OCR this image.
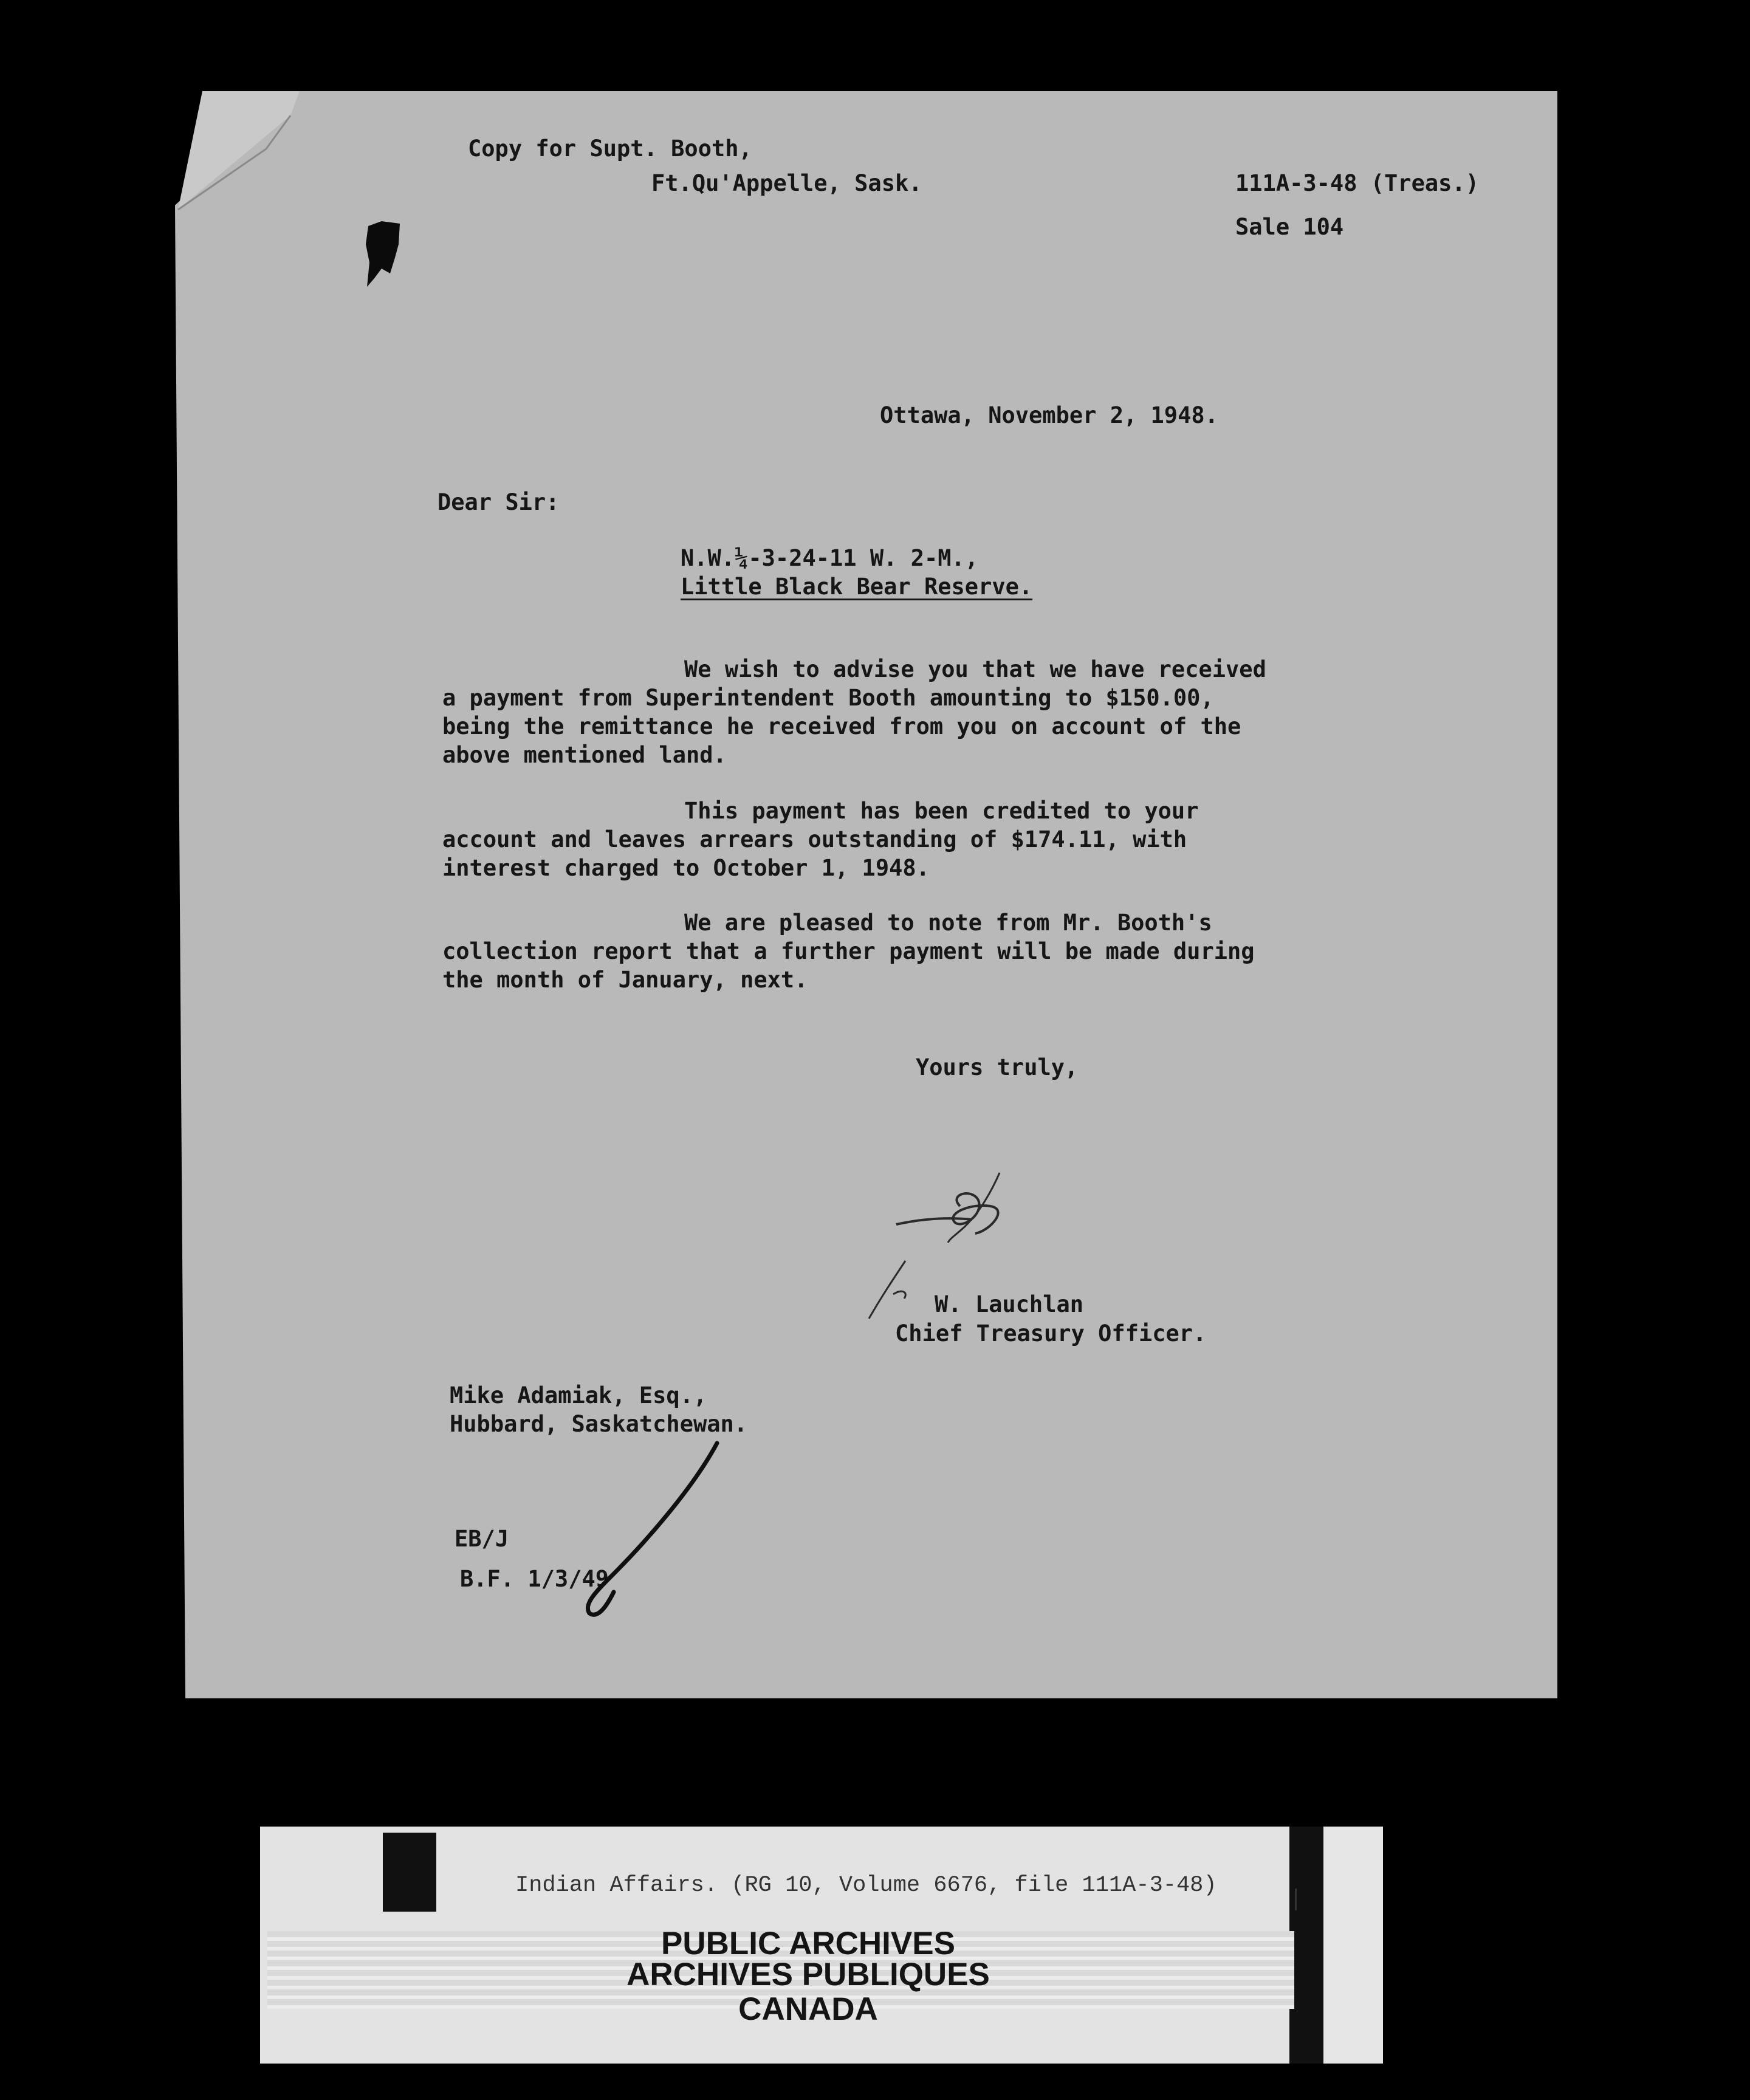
Copy for Supt. Booth,
Ft.Qu'Appelle, Sask.	111A-3-48 (Treas.)
Sale 104
Ottawa, November 2, 1948.
Dear Sir:
N.W.¼-3-24-11 W. 2-M.,
Little Black Bear Reserve.
We wish to advise you that we have received
a payment from Superintendent Booth amounting to $150.00,
being the remittance he received from you on account of the
above mentioned land.
This payment has been credited to your
account and leaves arrears outstanding of $174.11, with
interest charged to October 1, 1948.
We are pleased to note from Mr. Booth's
collection report that a further payment will be made during
the month of January, next.
Yours truly,
W. Lauchlan
Chief Treasury Officer.
Mike Adamiak, Esq.,
Hubbard, Saskatchewan.
EB/J
B.F. 1/3/49
Indian Affairs. (RG 10, Volume 6676, file 111A-3-48)
PUBLIC ARCHIVES
ARCHIVES PUBLIQUES
CANADA
